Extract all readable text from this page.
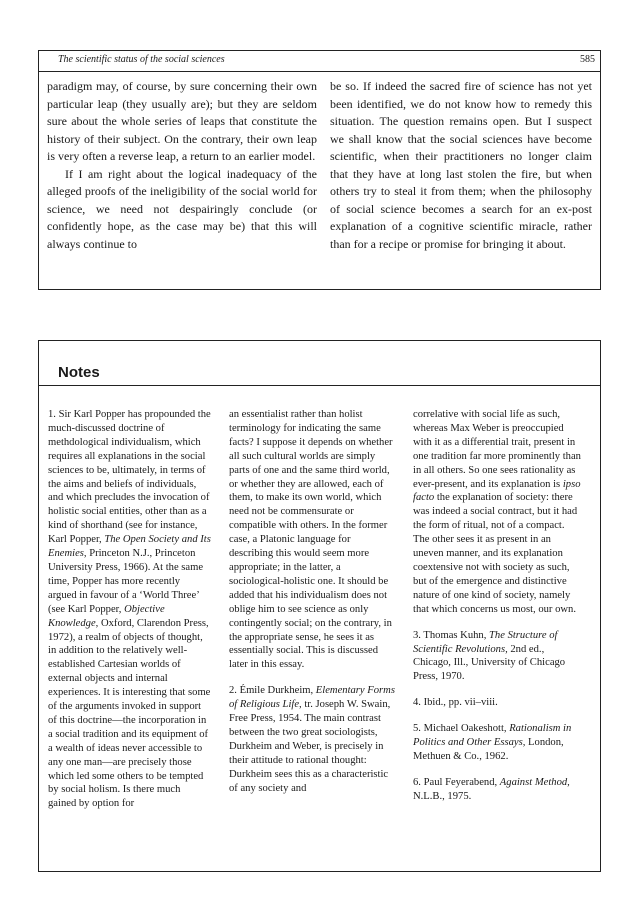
The scientific status of the social sciences	585

paradigm may, of course, by sure concerning their own particular leap (they usually are); but they are seldom sure about the whole series of leaps that constitute the history of their subject. On the contrary, their own leap is very often a reverse leap, a return to an earlier model.

If I am right about the logical inadequacy of the alleged proofs of the ineligibility of the social world for science, we need not despairingly conclude (or confidently hope, as the case may be) that this will always continue to

be so. If indeed the sacred fire of science has not yet been identified, we do not know how to remedy this situation. The question remains open. But I suspect we shall know that the social sciences have become scientific, when their practitioners no longer claim that they have at long last stolen the fire, but when others try to steal it from them; when the philosophy of social science becomes a search for an ex-post explanation of a cognitive scientific miracle, rather than for a recipe or promise for bringing it about.

Notes

1. Sir Karl Popper has propounded the much-discussed doctrine of methdological individualism, which requires all explanations in the social sciences to be, ultimately, in terms of the aims and beliefs of individuals, and which precludes the invocation of holistic social entities, other than as a kind of shorthand (see for instance, Karl Popper, The Open Society and Its Enemies, Princeton N.J., Princeton University Press, 1966). At the same time, Popper has more recently argued in favour of a ‘World Three’ (see Karl Popper, Objective Knowledge, Oxford, Clarendon Press, 1972), a realm of objects of thought, in addition to the relatively well-established Cartesian worlds of external objects and internal experiences. It is interesting that some of the arguments invoked in support of this doctrine—the incorporation in a social tradition and its equipment of a wealth of ideas never accessible to any one man—are precisely those which led some others to be tempted by social holism. Is there much gained by option for

an essentialist rather than holist terminology for indicating the same facts? I suppose it depends on whether all such cultural worlds are simply parts of one and the same third world, or whether they are allowed, each of them, to make its own world, which need not be commensurate or compatible with others. In the former case, a Platonic language for describing this would seem more appropriate; in the latter, a sociological-holistic one. It should be added that his individualism does not oblige him to see science as only contingently social; on the contrary, in the appropriate sense, he sees it as essentially social. This is discussed later in this essay.

2. Émile Durkheim, Elementary Forms of Religious Life, tr. Joseph W. Swain, Free Press, 1954. The main contrast between the two great sociologists, Durkheim and Weber, is precisely in their attitude to rational thought: Durkheim sees this as a characteristic of any society and

correlative with social life as such, whereas Max Weber is preoccupied with it as a differential trait, present in one tradition far more prominently than in all others. So one sees rationality as ever-present, and its explanation is ipso facto the explanation of society: there was indeed a social contract, but it had the form of ritual, not of a compact. The other sees it as present in an uneven manner, and its explanation coextensive not with society as such, but of the emergence and distinctive nature of one kind of society, namely that which concerns us most, our own.

3. Thomas Kuhn, The Structure of Scientific Revolutions, 2nd ed., Chicago, Ill., University of Chicago Press, 1970.

4. Ibid., pp. vii–viii.

5. Michael Oakeshott, Rationalism in Politics and Other Essays, London, Methuen & Co., 1962.

6. Paul Feyerabend, Against Method, N.L.B., 1975.
